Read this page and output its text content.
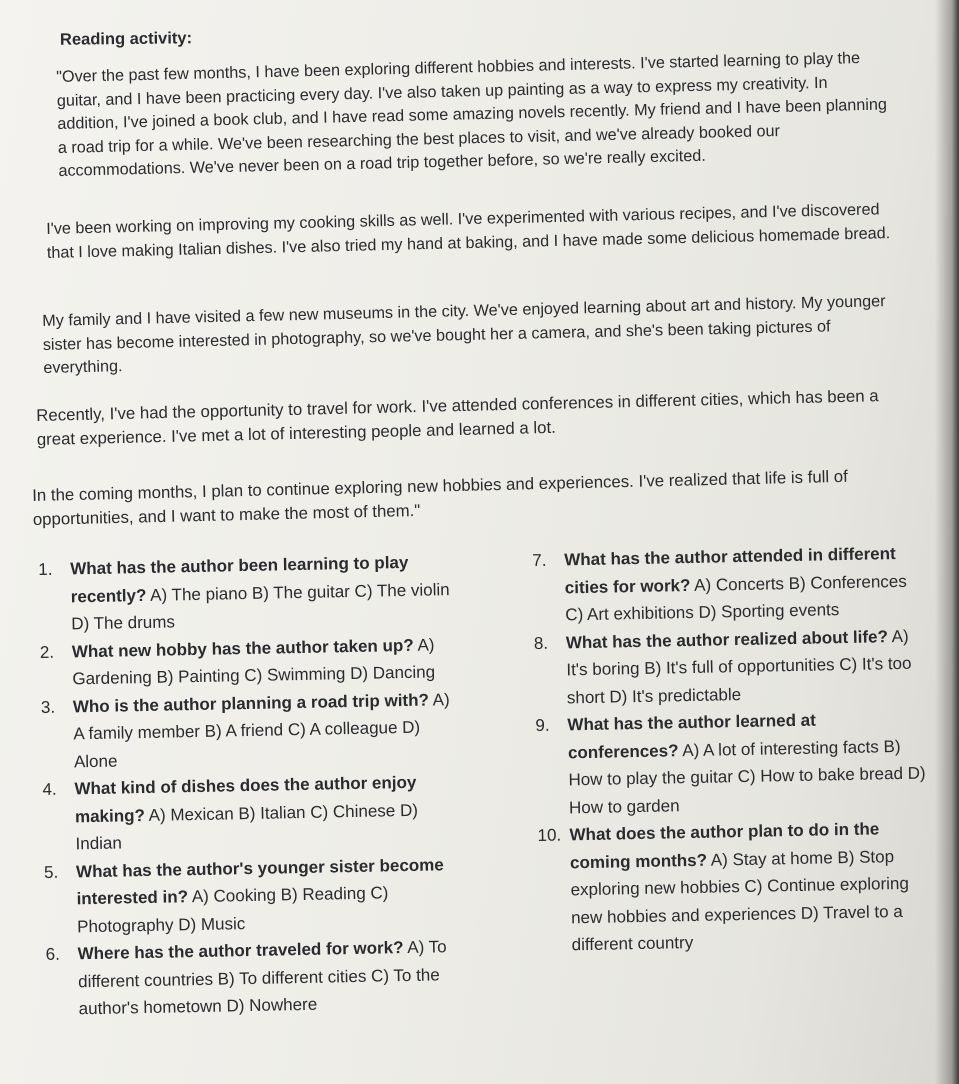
Reading activity:

"Over the past few months, I have been exploring different hobbies and interests. I've started learning to play the guitar, and I have been practicing every day. I've also taken up painting as a way to express my creativity. In addition, I've joined a book club, and I have read some amazing novels recently. My friend and I have been planning a road trip for a while. We've been researching the best places to visit, and we've already booked our accommodations. We've never been on a road trip together before, so we're really excited.

I've been working on improving my cooking skills as well. I've experimented with various recipes, and I've discovered that I love making Italian dishes. I've also tried my hand at baking, and I have made some delicious homemade bread.

My family and I have visited a few new museums in the city. We've enjoyed learning about art and history. My younger sister has become interested in photography, so we've bought her a camera, and she's been taking pictures of everything.

Recently, I've had the opportunity to travel for work. I've attended conferences in different cities, which has been a great experience. I've met a lot of interesting people and learned a lot.

In the coming months, I plan to continue exploring new hobbies and experiences. I've realized that life is full of opportunities, and I want to make the most of them."

1. What has the author been learning to play recently? A) The piano B) The guitar C) The violin D) The drums

2. What new hobby has the author taken up? A) Gardening B) Painting C) Swimming D) Dancing

3. Who is the author planning a road trip with? A) A family member B) A friend C) A colleague D) Alone

4. What kind of dishes does the author enjoy making? A) Mexican B) Italian C) Chinese D) Indian

5. What has the author's younger sister become interested in? A) Cooking B) Reading C) Photography D) Music

6. Where has the author traveled for work? A) To different countries B) To different cities C) To the author's hometown D) Nowhere

7. What has the author attended in different cities for work? A) Concerts B) Conferences C) Art exhibitions D) Sporting events

8. What has the author realized about life? A) It's boring B) It's full of opportunities C) It's too short D) It's predictable

9. What has the author learned at conferences? A) A lot of interesting facts B) How to play the guitar C) How to bake bread D) How to garden

10. What does the author plan to do in the coming months? A) Stay at home B) Stop exploring new hobbies C) Continue exploring new hobbies and experiences D) Travel to a different country
